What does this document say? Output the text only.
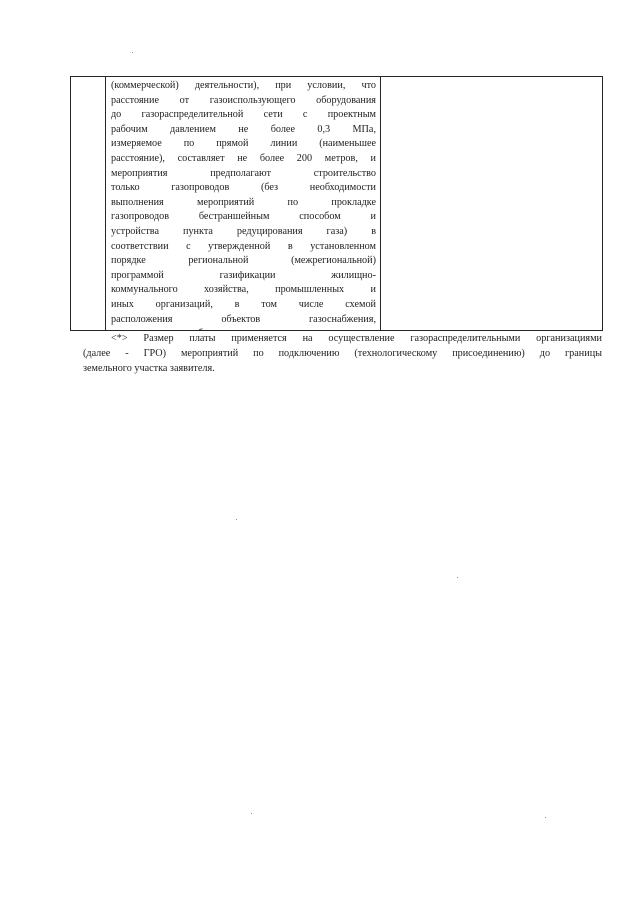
(коммерческой) деятельности), при условии, что
расстояние от газоиспользующего оборудования
до газораспределительной сети с проектным
рабочим давлением не более 0,3 МПа,
измеряемое по прямой линии (наименьшее
расстояние), составляет не более 200 метров, и
мероприятия предполагают строительство
только газопроводов (без необходимости
выполнения мероприятий по прокладке
газопроводов бестраншейным способом и
устройства пункта редуцирования газа) в
соответствии с утвержденной в установленном
порядке региональной (межрегиональной)
программой газификации жилищно-
коммунального хозяйства, промышленных и
иных организаций, в том числе схемой
расположения объектов газоснабжения,
<*> Размер платы применяется на осуществление газораспределительными организациями
(далее - ГРО) мероприятий по подключению (технологическому присоединению) до границы
земельного участка заявителя.
